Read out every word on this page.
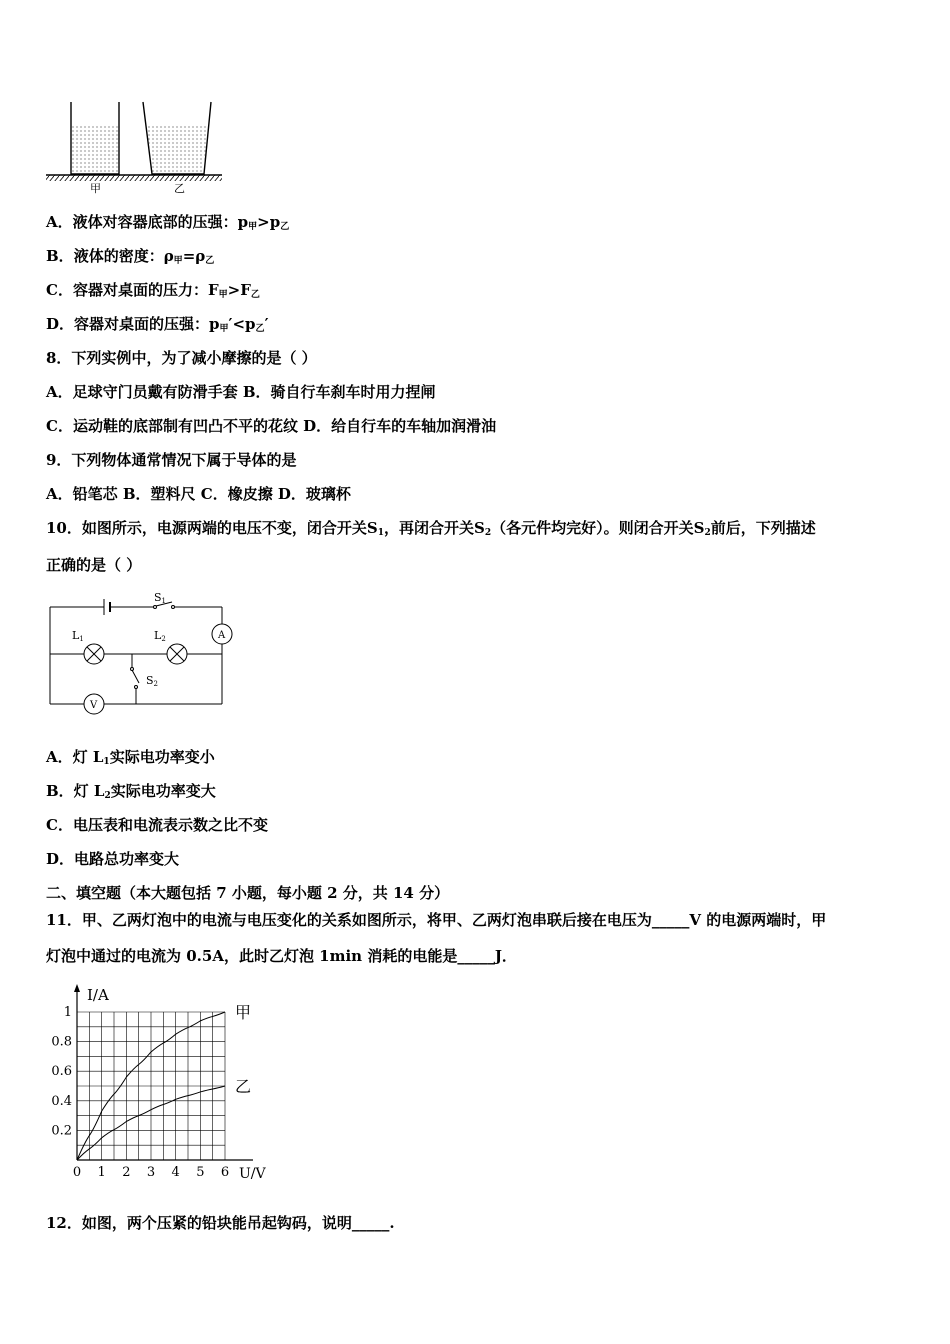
甲	乙
A．液体对容器底部的压强：$p_甲>p_乙$
B．液体的密度：$\rho_甲=\rho_乙$
C．容器对桌面的压力：$F_甲>F_乙$
D．容器对桌面的压强：$p_甲'<p_乙'$
8．下列实例中，为了减小摩擦的是（ ）
A．足球守门员戴有防滑手套 B．骑自行车刹车时用力捏闸
C．运动鞋的底部制有凹凸不平的花纹 D．给自行车的车轴加润滑油
9．下列物体通常情况下属于导体的是
A．铅笔芯 B．塑料尺 C．橡皮擦 D．玻璃杯
10．如图所示，电源两端的电压不变，闭合开关$S_1$，再闭合开关$S_2$（各元件均完好）。则闭合开关$S_2$前后，下列描述
正确的是（ ）
S1
L1	L2
S2
A
V
A．灯 $L_1$实际电功率变小
B．灯 $L_2$实际电功率变大
C．电压表和电流表示数之比不变
D．电路总功率变大
二、填空题（本大题包括 7 小题，每小题 2 分，共 14 分）
11．甲、乙两灯泡中的电流与电压变化的关系如图所示，将甲、乙两灯泡串联后接在电压为_____V 的电源两端时，甲
灯泡中通过的电流为 0.5A，此时乙灯泡 1min 消耗的电能是_____J．
I/A
U/V
0 1 2 3 4 5 6
0.2
0.4
0.6
0.8
1	甲
乙
12．如图，两个压紧的铅块能吊起钩码，说明_____.
